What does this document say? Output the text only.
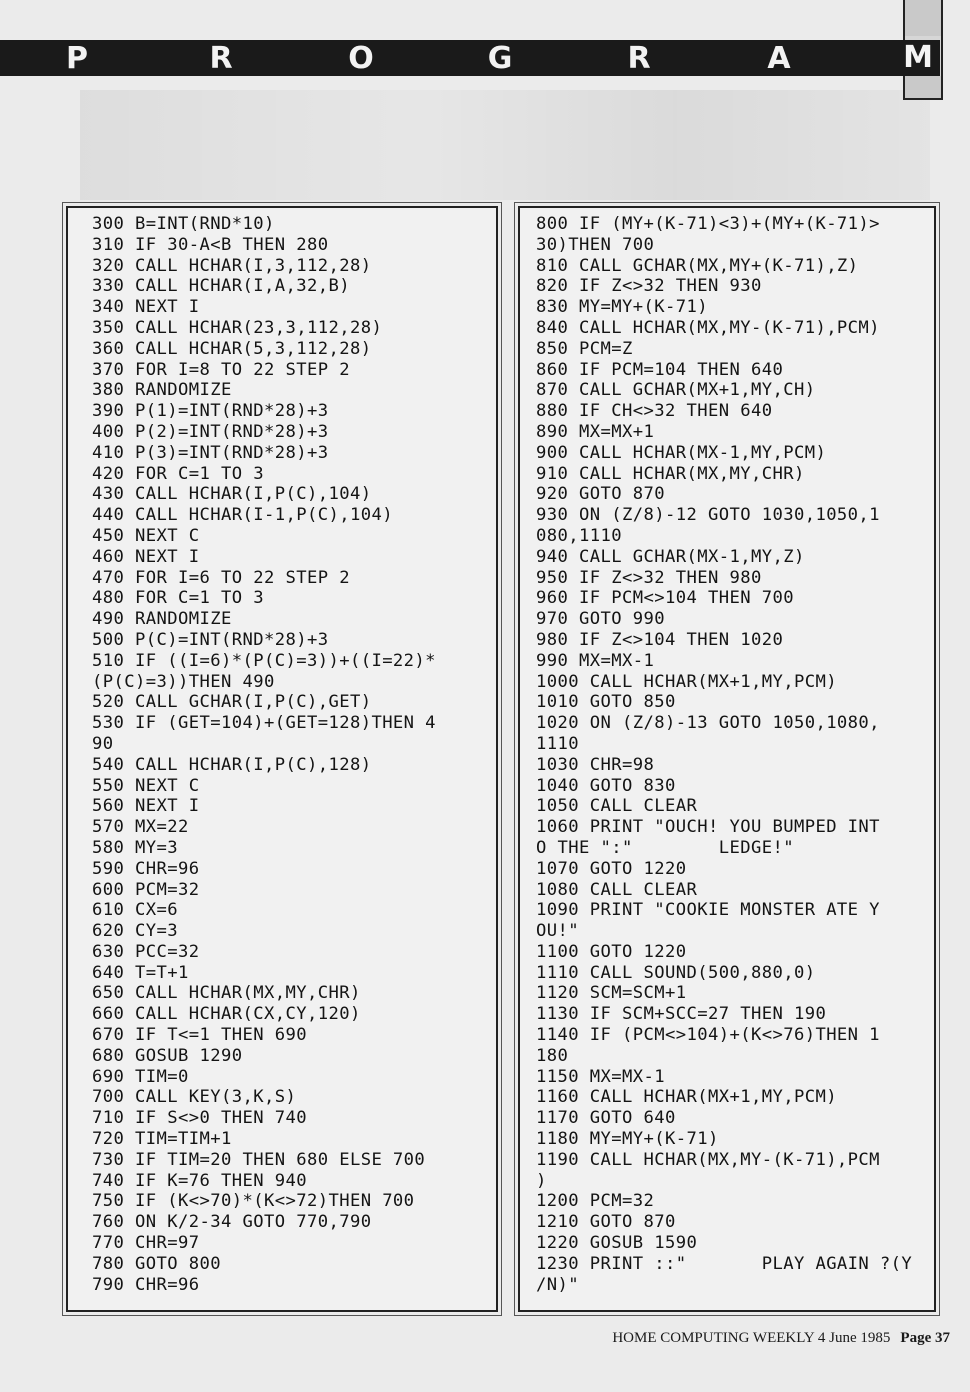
P	R	O	G	R	A	M
300 B=INT(RND*10)
310 IF 30-A<B THEN 280
320 CALL HCHAR(I,3,112,28)
330 CALL HCHAR(I,A,32,B)
340 NEXT I
350 CALL HCHAR(23,3,112,28)
360 CALL HCHAR(5,3,112,28)
370 FOR I=8 TO 22 STEP 2
380 RANDOMIZE
390 P(1)=INT(RND*28)+3
400 P(2)=INT(RND*28)+3
410 P(3)=INT(RND*28)+3
420 FOR C=1 TO 3
430 CALL HCHAR(I,P(C),104)
440 CALL HCHAR(I-1,P(C),104)
450 NEXT C
460 NEXT I
470 FOR I=6 TO 22 STEP 2
480 FOR C=1 TO 3
490 RANDOMIZE
500 P(C)=INT(RND*28)+3
510 IF ((I=6)*(P(C)=3))+((I=22)*
(P(C)=3))THEN 490
520 CALL GCHAR(I,P(C),GET)
530 IF (GET=104)+(GET=128)THEN 4
90
540 CALL HCHAR(I,P(C),128)
550 NEXT C
560 NEXT I
570 MX=22
580 MY=3
590 CHR=96
600 PCM=32
610 CX=6
620 CY=3
630 PCC=32
640 T=T+1
650 CALL HCHAR(MX,MY,CHR)
660 CALL HCHAR(CX,CY,120)
670 IF T<=1 THEN 690
680 GOSUB 1290
690 TIM=0
700 CALL KEY(3,K,S)
710 IF S<>0 THEN 740
720 TIM=TIM+1
730 IF TIM=20 THEN 680 ELSE 700
740 IF K=76 THEN 940
750 IF (K<>70)*(K<>72)THEN 700
760 ON K/2-34 GOTO 770,790
770 CHR=97
780 GOTO 800
790 CHR=96
800 IF (MY+(K-71)<3)+(MY+(K-71)>
30)THEN 700
810 CALL GCHAR(MX,MY+(K-71),Z)
820 IF Z<>32 THEN 930
830 MY=MY+(K-71)
840 CALL HCHAR(MX,MY-(K-71),PCM)
850 PCM=Z
860 IF PCM=104 THEN 640
870 CALL GCHAR(MX+1,MY,CH)
880 IF CH<>32 THEN 640
890 MX=MX+1
900 CALL HCHAR(MX-1,MY,PCM)
910 CALL HCHAR(MX,MY,CHR)
920 GOTO 870
930 ON (Z/8)-12 GOTO 1030,1050,1
080,1110
940 CALL GCHAR(MX-1,MY,Z)
950 IF Z<>32 THEN 980
960 IF PCM<>104 THEN 700
970 GOTO 990
980 IF Z<>104 THEN 1020
990 MX=MX-1
1000 CALL HCHAR(MX+1,MY,PCM)
1010 GOTO 850
1020 ON (Z/8)-13 GOTO 1050,1080,
1110
1030 CHR=98
1040 GOTO 830
1050 CALL CLEAR
1060 PRINT "OUCH! YOU BUMPED INT
O THE ":"        LEDGE!"
1070 GOTO 1220
1080 CALL CLEAR
1090 PRINT "COOKIE MONSTER ATE Y
OU!"
1100 GOTO 1220
1110 CALL SOUND(500,880,0)
1120 SCM=SCM+1
1130 IF SCM+SCC=27 THEN 190
1140 IF (PCM<>104)+(K<>76)THEN 1
180
1150 MX=MX-1
1160 CALL HCHAR(MX+1,MY,PCM)
1170 GOTO 640
1180 MY=MY+(K-71)
1190 CALL HCHAR(MX,MY-(K-71),PCM
)
1200 PCM=32
1210 GOTO 870
1220 GOSUB 1590
1230 PRINT ::"       PLAY AGAIN ?(Y
/N)"
HOME COMPUTING WEEKLY 4 June 1985 Page 37
